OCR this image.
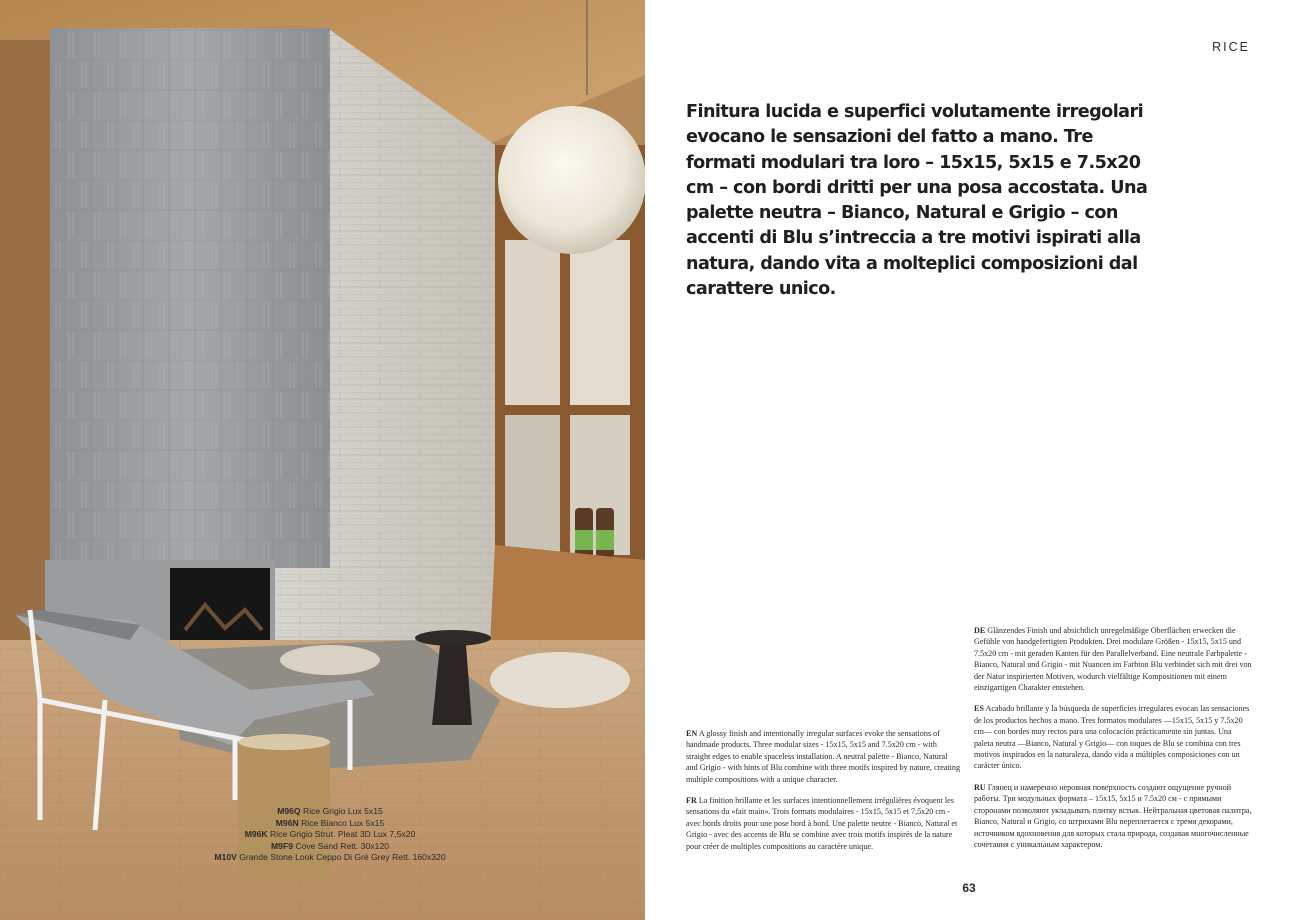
M96Q Rice Grigio Lux 5x15
M96N Rice Bianco Lux 5x15
M96K Rice Grigio Strut. Pleat 3D Lux 7,5x20
M9F9 Cove Sand Rett. 30x120
M10V Grande Stone Look Ceppo Di Gré Grey Rett. 160x320
RICE
Finitura lucida e superfici volutamente irregolari evocano le sensazioni del fatto a mano. Tre formati modulari tra loro – 15x15, 5x15 e 7.5x20 cm – con bordi dritti per una posa accostata. Una palette neutra – Bianco, Natural e Grigio – con accenti di Blu s’intreccia a tre motivi ispirati alla natura, dando vita a molteplici composizioni dal carattere unico.

EN A glossy finish and intentionally irregular surfaces evoke the sensations of handmade products. Three modular sizes - 15x15, 5x15 and 7.5x20 cm - with straight edges to enable spaceless installation. A neutral palette - Bianco, Natural and Grigio - with hints of Blu combine with three motifs inspired by nature, creating multiple compositions with a unique character.

FR La finition brillante et les surfaces intentionnellement irrégulières évoquent les sensations du «fait main». Trois formats modulaires - 15x15, 5x15 et 7,5x20 cm - avec bords droits pour une pose bord à bord. Une palette neutre - Bianco, Natural et Grigio - avec des accents de Blu se combine avec trois motifs inspirés de la nature pour créer de multiples compositions au caractère unique.

DE Glänzendes Finish und absichtlich unregelmäßige Oberflächen erwecken die Gefühle von handgefertigten Produkten. Drei modulare Größen - 15x15, 5x15 und 7.5x20 cm - mit geraden Kanten für den Parallelverband. Eine neutrale Farbpalette - Bianco, Natural und Grigio - mit Nuancen im Farbton Blu verbindet sich mit drei von der Natur inspirierten Motiven, wodurch vielfältige Kompositionen mit einem einzigartigen Charakter entstehen.

ES Acabado brillante y la búsqueda de superficies irregulares evocan las sensaciones de los productos hechos a mano. Tres formatos modulares —15x15, 5x15 y 7.5x20 cm— con bordes muy rectos para una colocación prácticamente sin juntas. Una paleta neutra —Bianco, Natural y Grigio— con toques de Blu se combina con tres motivos inspirados en la naturaleza, dando vida a múltiples composiciones con un carácter único.

RU Глянец и намеренно неровная поверхность создают ощущение ручной работы. Три модульных формата – 15x15, 5x15 и 7.5x20 см - с прямыми сторонами позволяют укладывать плитку встык. Нейтральная цветовая палитра, Bianco, Natural и Grigio, со штрихами Blu переплетается с тремя декорами, источником вдохновения для которых стала природа, создавая многочисленные сочетания с уникальным характером.

63
